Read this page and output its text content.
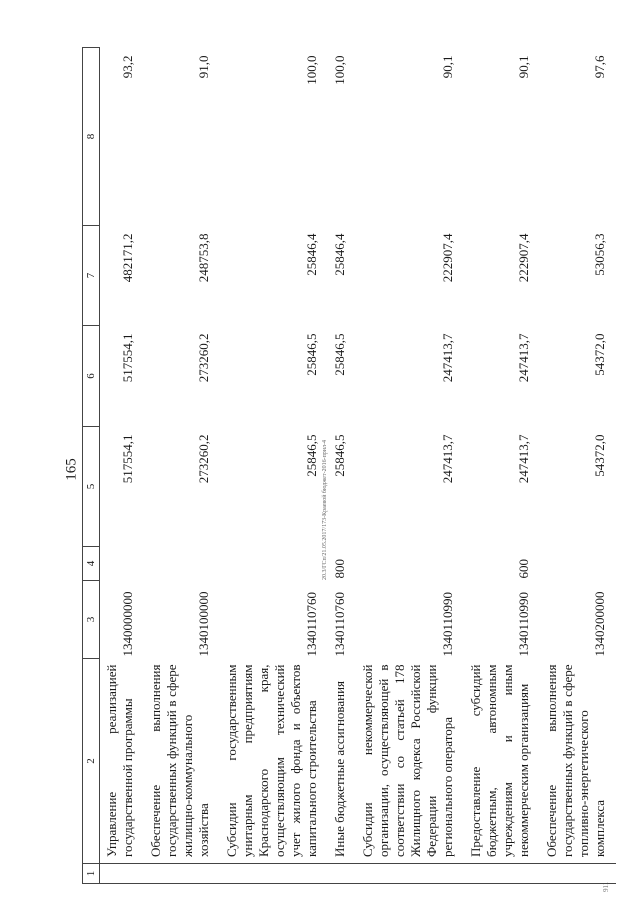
165	20.3/ГСп/21.05.2017/173-Краевой бюджет-2016-прил-4
911
1	2	3	4	5	6	7	8
	Управление реализацией государственной программы	1340000000		517554,1	517554,1	482171,2	93,2
	Обеспечение выполнения государственных функций в сфере жилищно-коммунального хозяйства	1340100000		273260,2	273260,2	248753,8	91,0
	Субсидии государственным унитарным предприятиям Краснодарского края, осуществляющим технический учет жилого фонда и объектов капитального строительства	1340110760		25846,5	25846,5	25846,4	100,0
	Иные бюджетные ассигнования	1340110760	800	25846,5	25846,5	25846,4	100,0
	Субсидии некоммерческой организации, осуществляющей в соответствии со статьей 178 Жилищного кодекса Российской Федерации функции регионального оператора	1340110990		247413,7	247413,7	222907,4	90,1
	Предоставление субсидий бюджетным, автономным учреждениям и иным некоммерческим организациям	1340110990	600	247413,7	247413,7	222907,4	90,1
	Обеспечение выполнения государственных функций в сфере топливно-энергетического комплекса	1340200000		54372,0	54372,0	53056,3	97,6
